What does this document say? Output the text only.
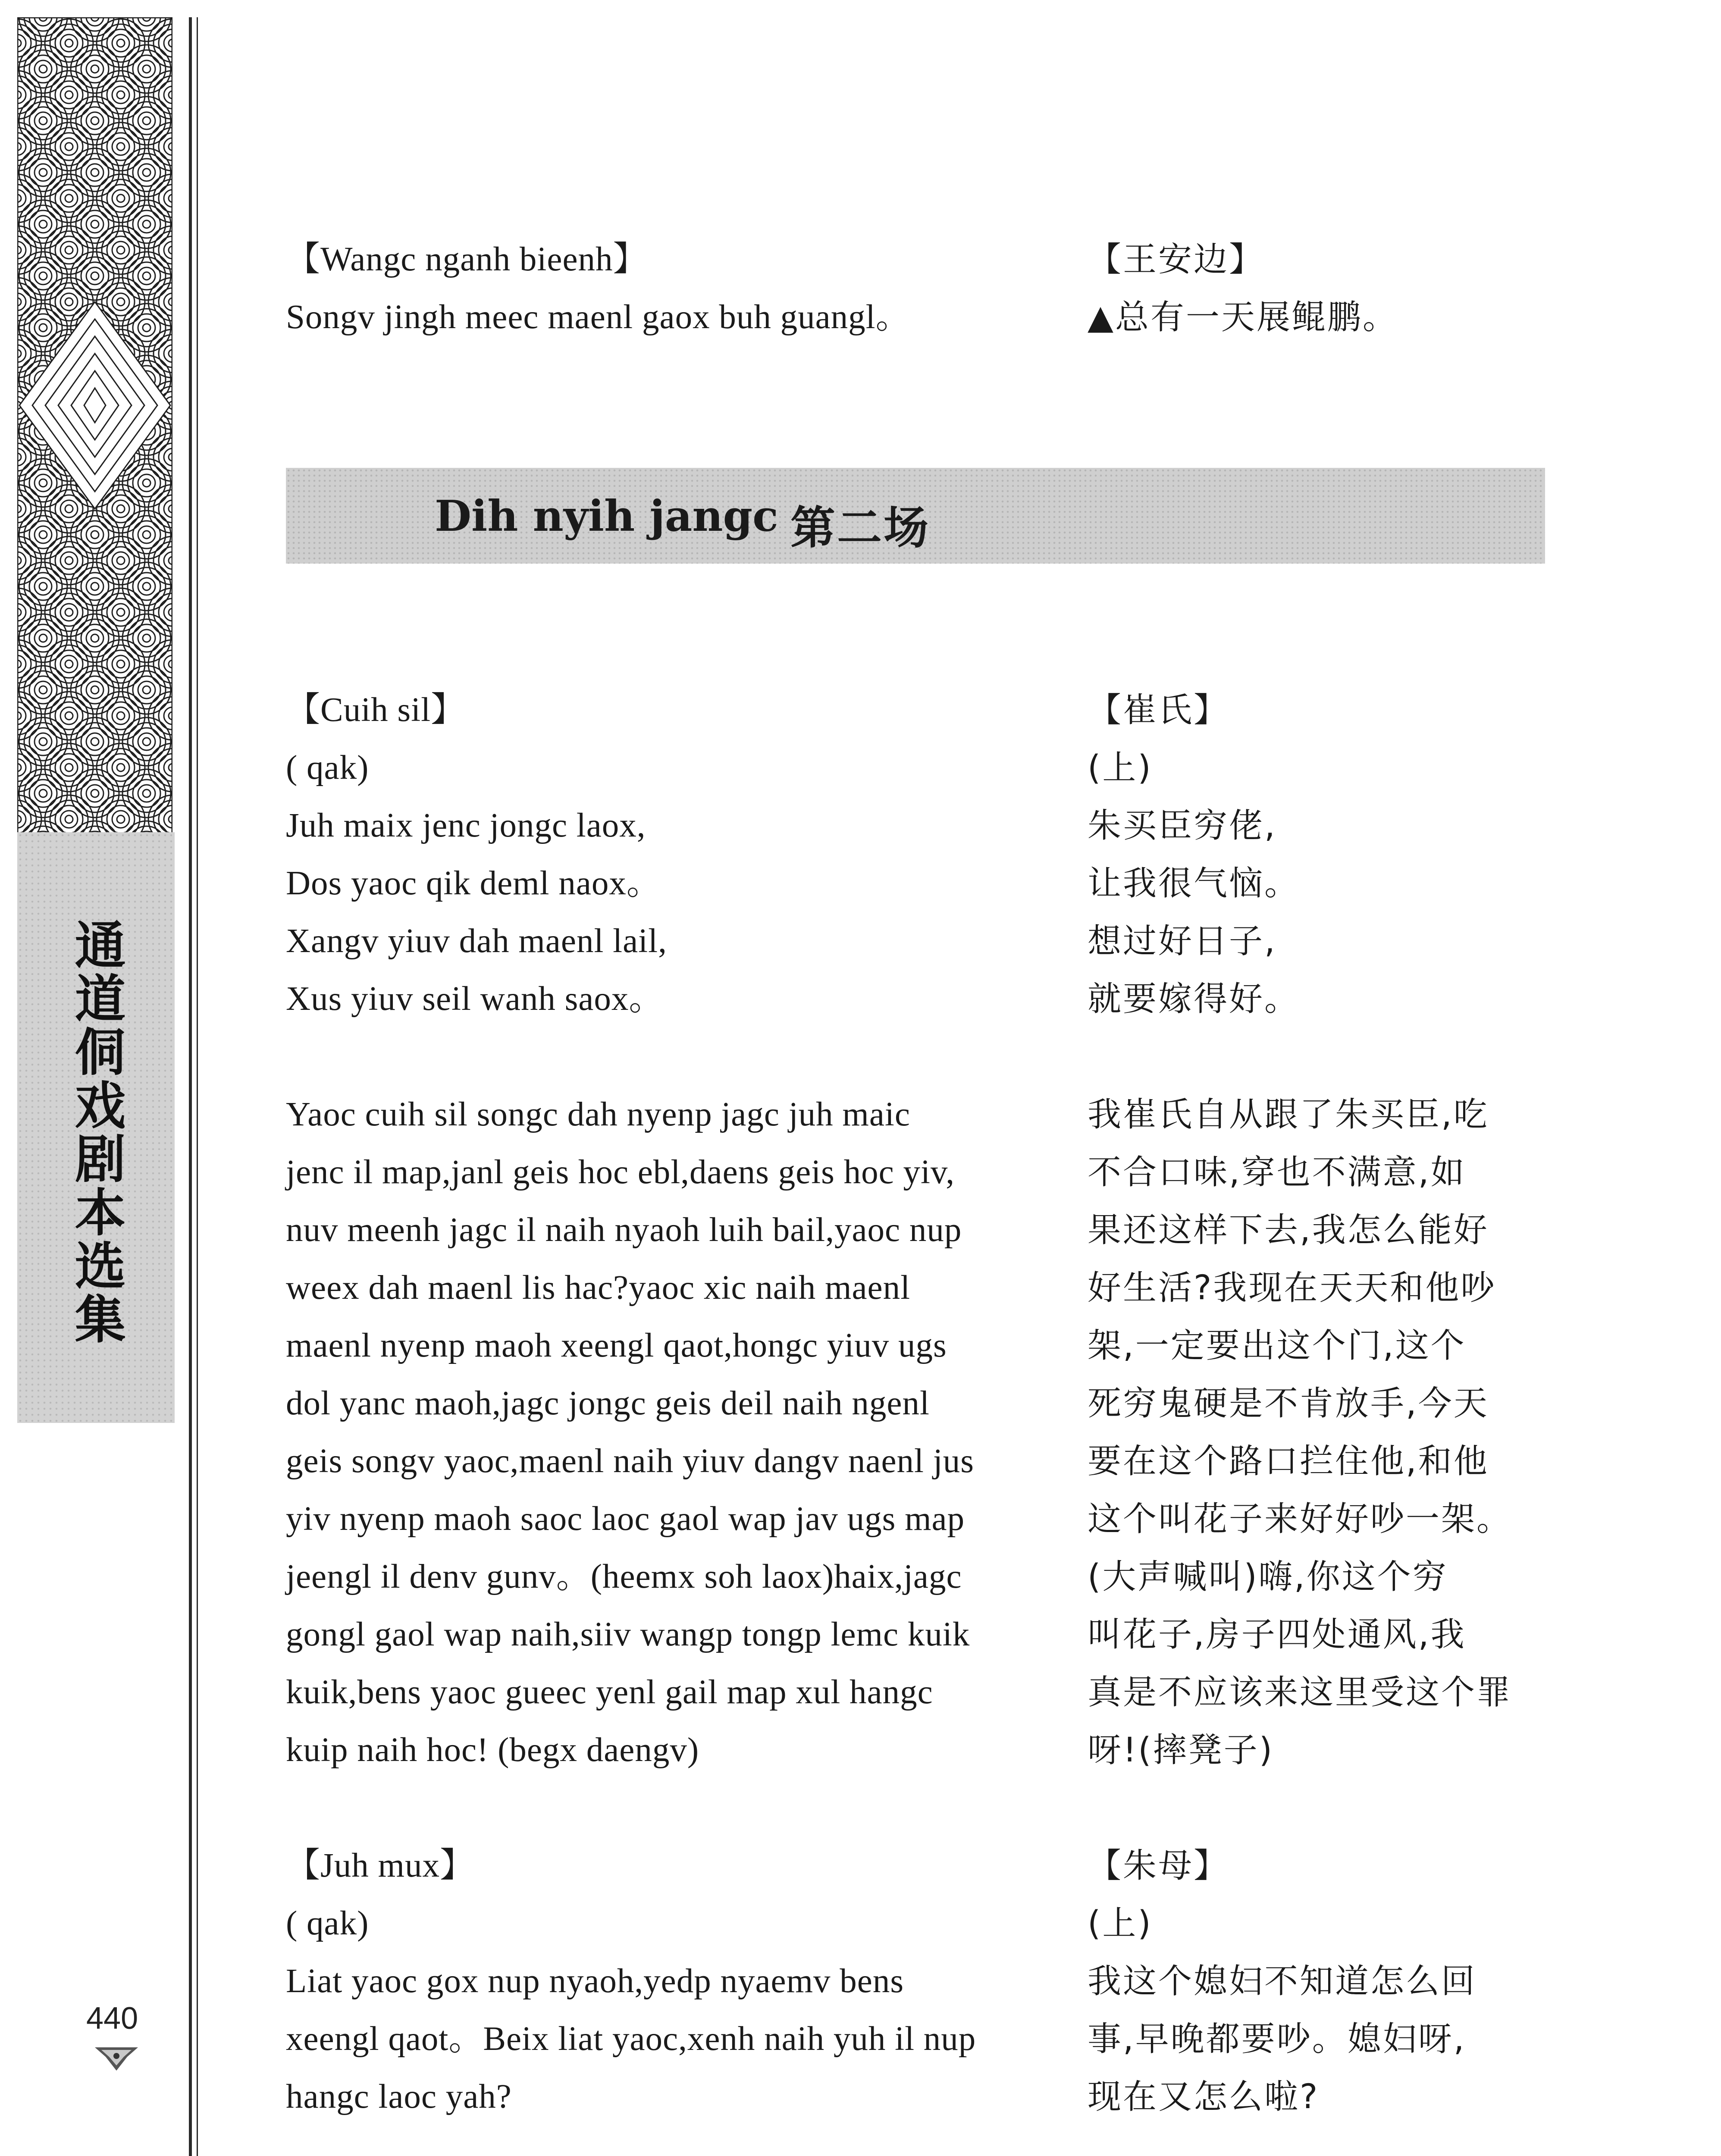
通道侗戏剧本选集
440
【Wangc nganh bieenh】
Songv jingh meec maenl gaox buh guangl。
【王安边】
▲总有一天展鲲鹏。
Dih nyih jangc 第二场
【Cuih sil】
( qak)
Juh maix jenc jongc laox,
Dos yaoc qik deml naox。
Xangv yiuv dah maenl lail,
Xus yiuv seil wanh saox。
Yaoc cuih sil songc dah nyenp jagc juh maic
jenc il map,janl geis hoc ebl,daens geis hoc yiv,
nuv meenh jagc il naih nyaoh luih bail,yaoc nup
weex dah maenl lis hac?yaoc xic naih maenl
maenl nyenp maoh xeengl qaot,hongc yiuv ugs
dol yanc maoh,jagc jongc geis deil naih ngenl
geis songv yaoc,maenl naih yiuv dangv naenl jus
yiv nyenp maoh saoc laoc gaol wap jav ugs map
jeengl il denv gunv。(heemx soh laox)haix,jagc
gongl gaol wap naih,siiv wangp tongp lemc kuik
kuik,bens yaoc gueec yenl gail map xul hangc
kuip naih hoc! (begx daengv)
【崔氏】
(上)
朱买臣穷佬,
让我很气恼。
想过好日子,
就要嫁得好。
我崔氏自从跟了朱买臣,吃
不合口味,穿也不满意,如
果还这样下去,我怎么能好
好生活?我现在天天和他吵
架,一定要出这个门,这个
死穷鬼硬是不肯放手,今天
要在这个路口拦住他,和他
这个叫花子来好好吵一架。
(大声喊叫)嗨,你这个穷
叫花子,房子四处通风,我
真是不应该来这里受这个罪
呀!(摔凳子)
【Juh mux】
( qak)
Liat yaoc gox nup nyaoh,yedp nyaemv bens
xeengl qaot。Beix liat yaoc,xenh naih yuh il nup
hangc laoc yah?
【朱母】
(上)
我这个媳妇不知道怎么回
事,早晚都要吵。媳妇呀,
现在又怎么啦?
